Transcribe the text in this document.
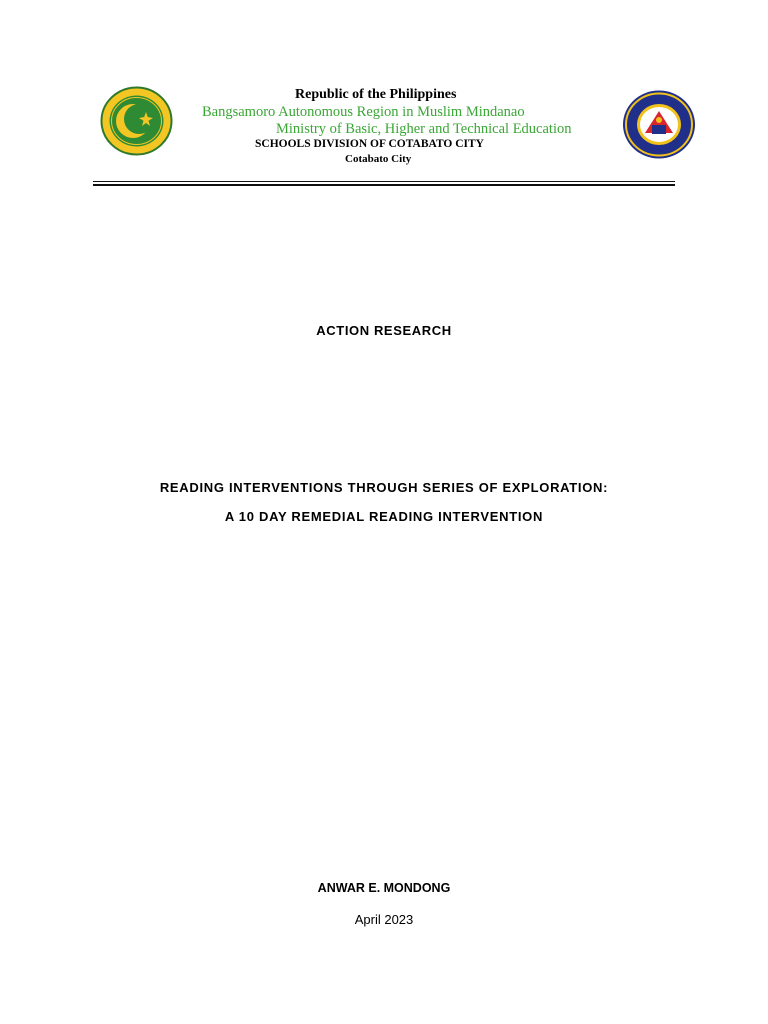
Republic of the Philippines
Bangsamoro Autonomous Region in Muslim Mindanao
Ministry of Basic, Higher and Technical Education
SCHOOLS DIVISION OF COTABATO CITY
Cotabato City
ACTION RESEARCH
READING INTERVENTIONS THROUGH SERIES OF EXPLORATION:
A 10 DAY REMEDIAL READING INTERVENTION
ANWAR E. MONDONG
April 2023
